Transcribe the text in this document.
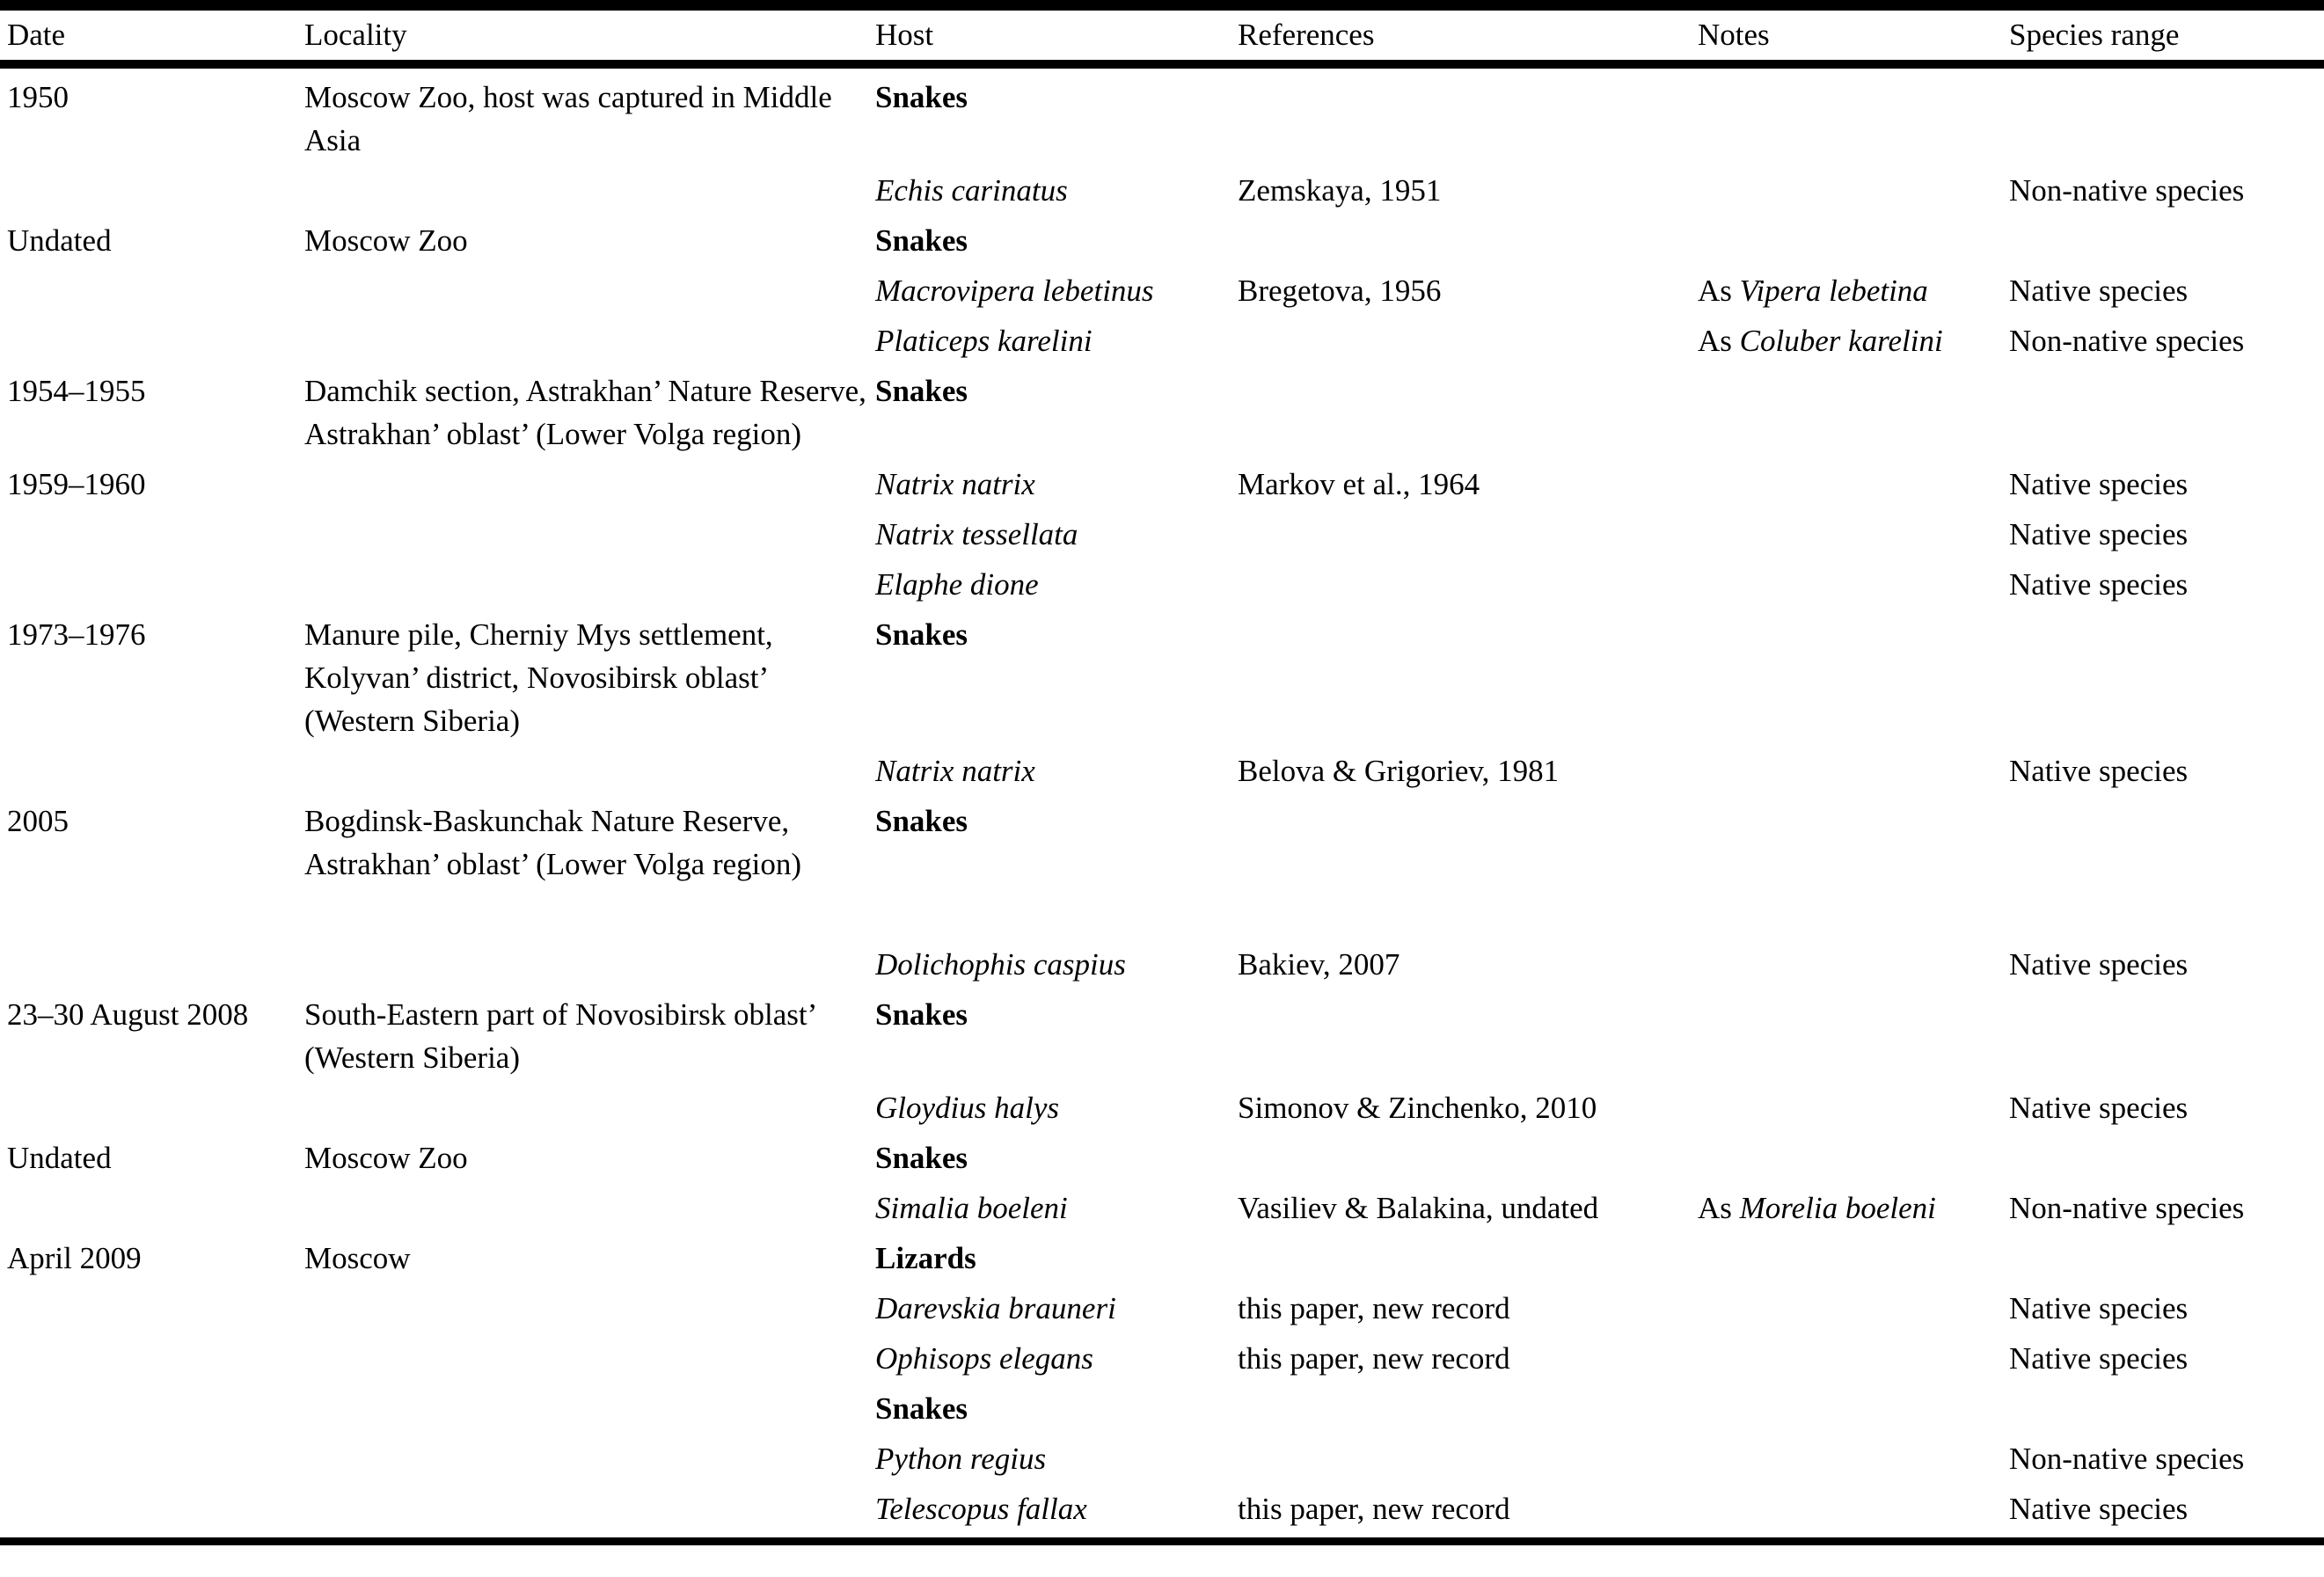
Date	Locality	Host	References	Notes	Species range
1950	Moscow Zoo, host was captured in Middle Asia	Snakes			
		Echis carinatus	Zemskaya, 1951		Non-native species
Undated	Moscow Zoo	Snakes			
		Macrovipera lebetinus	Bregetova, 1956	As Vipera lebetina	Native species
		Platiceps karelini		As Coluber karelini	Non-native species
1954–1955	Damchik section, Astrakhan’ Nature Reserve, Astrakhan’ oblast’ (Lower Volga region)	Snakes			
1959–1960		Natrix natrix	Markov et al., 1964		Native species
		Natrix tessellata			Native species
		Elaphe dione			Native species
1973–1976	Manure pile, Cherniy Mys settlement, Kolyvan’ district, Novosibirsk oblast’ (Western Siberia)	Snakes			
		Natrix natrix	Belova & Grigoriev, 1981		Native species
2005	Bogdinsk-Baskunchak Nature Reserve, Astrakhan’ oblast’ (Lower Volga region)	Snakes			
		Dolichophis caspius	Bakiev, 2007		Native species
23–30 August 2008	South-Eastern part of Novosibirsk oblast’ (Western Siberia)	Snakes			
		Gloydius halys	Simonov & Zinchenko, 2010		Native species
Undated	Moscow Zoo	Snakes			
		Simalia boeleni	Vasiliev & Balakina, undated	As Morelia boeleni	Non-native species
April 2009	Moscow	Lizards			
		Darevskia brauneri	this paper, new record		Native species
		Ophisops elegans	this paper, new record		Native species
		Snakes			
		Python regius			Non-native species
		Telescopus fallax	this paper, new record		Native species
